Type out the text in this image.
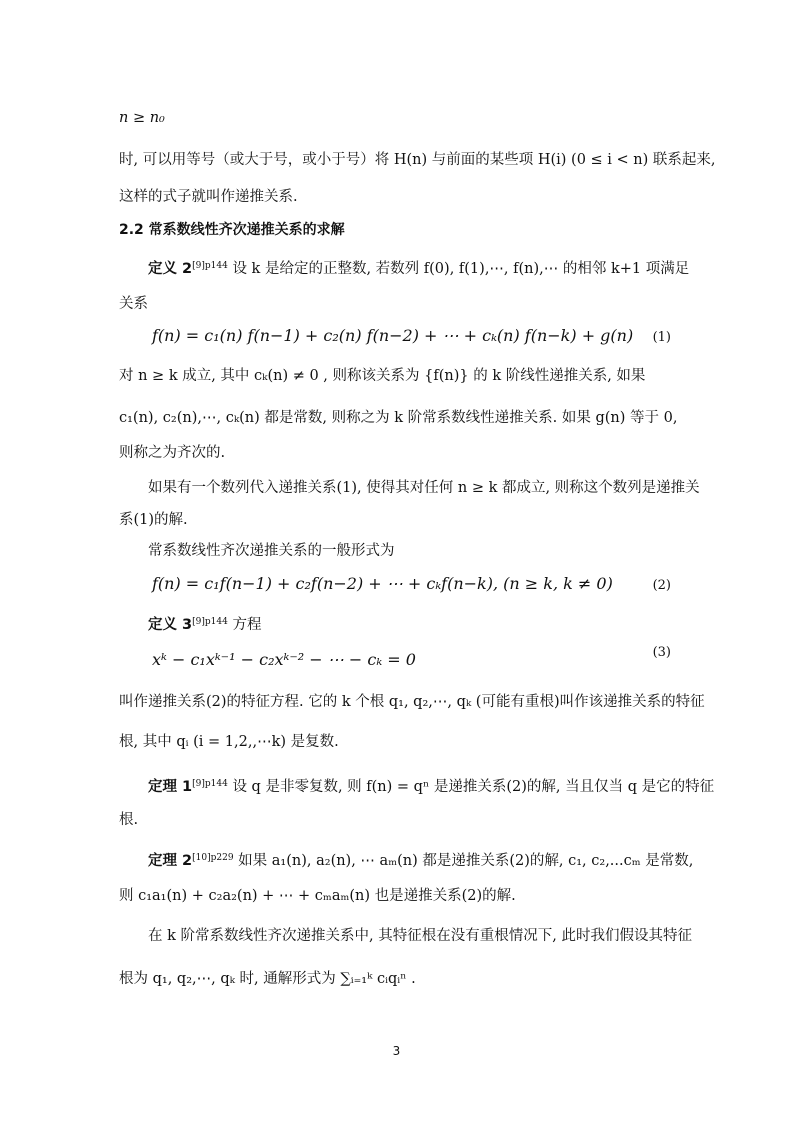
n ≥ n₀
时, 可以用等号（或大于号，或小于号）将 H(n) 与前面的某些项 H(i) (0 ≤ i < n) 联系起来,
这样的式子就叫作递推关系.
2.2 常系数线性齐次递推关系的求解
定义 2$^{[9]p144}$ 设 k 是给定的正整数, 若数列 f(0), f(1),⋯, f(n),⋯ 的相邻 k+1 项满足
关系
f(n) = c₁(n) f(n−1) + c₂(n) f(n−2) + ⋯ + cₖ(n) f(n−k) + g(n) (1)
对 n ≥ k 成立, 其中 cₖ(n) ≠ 0 , 则称该关系为 {f(n)} 的 k 阶线性递推关系, 如果
c₁(n), c₂(n),⋯, cₖ(n) 都是常数, 则称之为 k 阶常系数线性递推关系. 如果 g(n) 等于 0,
则称之为齐次的.
如果有一个数列代入递推关系(1), 使得其对任何 n ≥ k 都成立, 则称这个数列是递推关
系(1)的解.
常系数线性齐次递推关系的一般形式为
f(n) = c₁f(n−1) + c₂f(n−2) + ⋯ + cₖf(n−k), (n ≥ k, k ≠ 0)	(2)
定义 3$^{[9]p144}$ 方程
xᵏ − c₁xᵏ⁻¹ − c₂xᵏ⁻² − ⋯ − cₖ = 0	(3)
叫作递推关系(2)的特征方程. 它的 k 个根 q₁, q₂,⋯, qₖ (可能有重根)叫作该递推关系的特征
根, 其中 qᵢ (i = 1,2,,⋯k) 是复数.
定理 1$^{[9]p144}$ 设 q 是非零复数, 则 f(n) = qⁿ 是递推关系(2)的解, 当且仅当 q 是它的特征
根.
定理 2$^{[10]p229}$ 如果 a₁(n), a₂(n), ⋯ aₘ(n) 都是递推关系(2)的解, c₁, c₂,...cₘ 是常数,
则 c₁a₁(n) + c₂a₂(n) + ⋯ + cₘaₘ(n) 也是递推关系(2)的解.
在 k 阶常系数线性齐次递推关系中, 其特征根在没有重根情况下, 此时我们假设其特征
根为 q₁, q₂,⋯, qₖ 时, 通解形式为 ∑ᵢ₌₁ᵏ cᵢqᵢⁿ .
3
